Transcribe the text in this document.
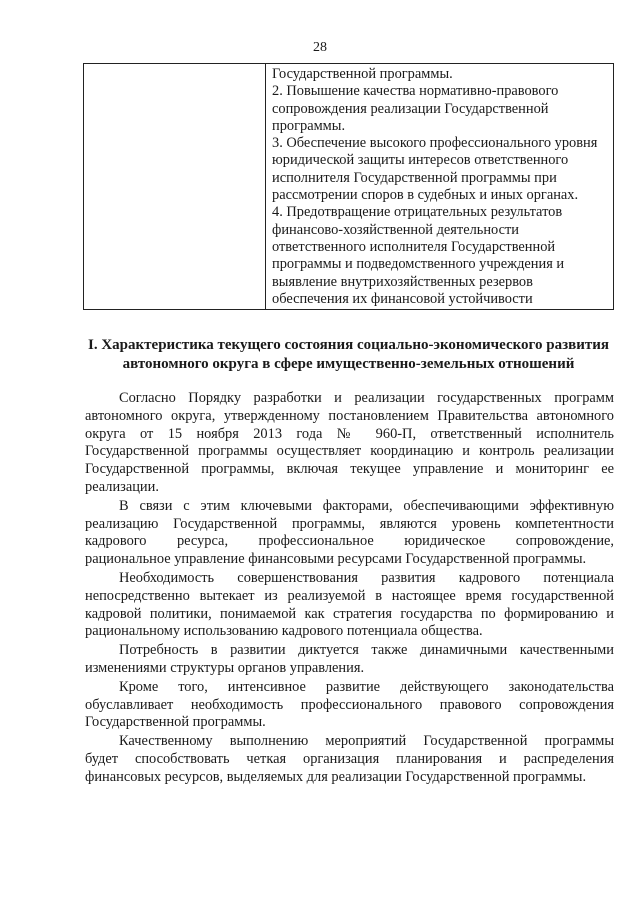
28
Государственной программы.
2. Повышение качества нормативно-правового
сопровождения реализации Государственной
программы.
3. Обеспечение высокого профессионального уровня
юридической защиты интересов ответственного
исполнителя Государственной программы при
рассмотрении споров в судебных и иных органах.
4. Предотвращение отрицательных результатов
финансово-хозяйственной деятельности
ответственного исполнителя Государственной
программы и подведомственного учреждения и
выявление внутрихозяйственных резервов
обеспечения их финансовой устойчивости
I. Характеристика текущего состояния социально-экономического развития
автономного округа в сфере имущественно-земельных отношений
Согласно Порядку разработки и реализации государственных программ
автономного округа, утвержденному постановлением Правительства автономного
округа от 15 ноября 2013 года № 960-П, ответственный исполнитель
Государственной программы осуществляет координацию и контроль реализации
Государственной программы, включая текущее управление и мониторинг ее
реализации.
В связи с этим ключевыми факторами, обеспечивающими эффективную
реализацию Государственной программы, являются уровень компетентности
кадрового ресурса, профессиональное юридическое сопровождение,
рациональное управление финансовыми ресурсами Государственной программы.
Необходимость совершенствования развития кадрового потенциала
непосредственно вытекает из реализуемой в настоящее время государственной
кадровой политики, понимаемой как стратегия государства по формированию и
рациональному использованию кадрового потенциала общества.
Потребность в развитии диктуется также динамичными качественными
изменениями структуры органов управления.
Кроме того, интенсивное развитие действующего законодательства
обуславливает необходимость профессионального правового сопровождения
Государственной программы.
Качественному выполнению мероприятий Государственной программы
будет способствовать четкая организация планирования и распределения
финансовых ресурсов, выделяемых для реализации Государственной программы.
